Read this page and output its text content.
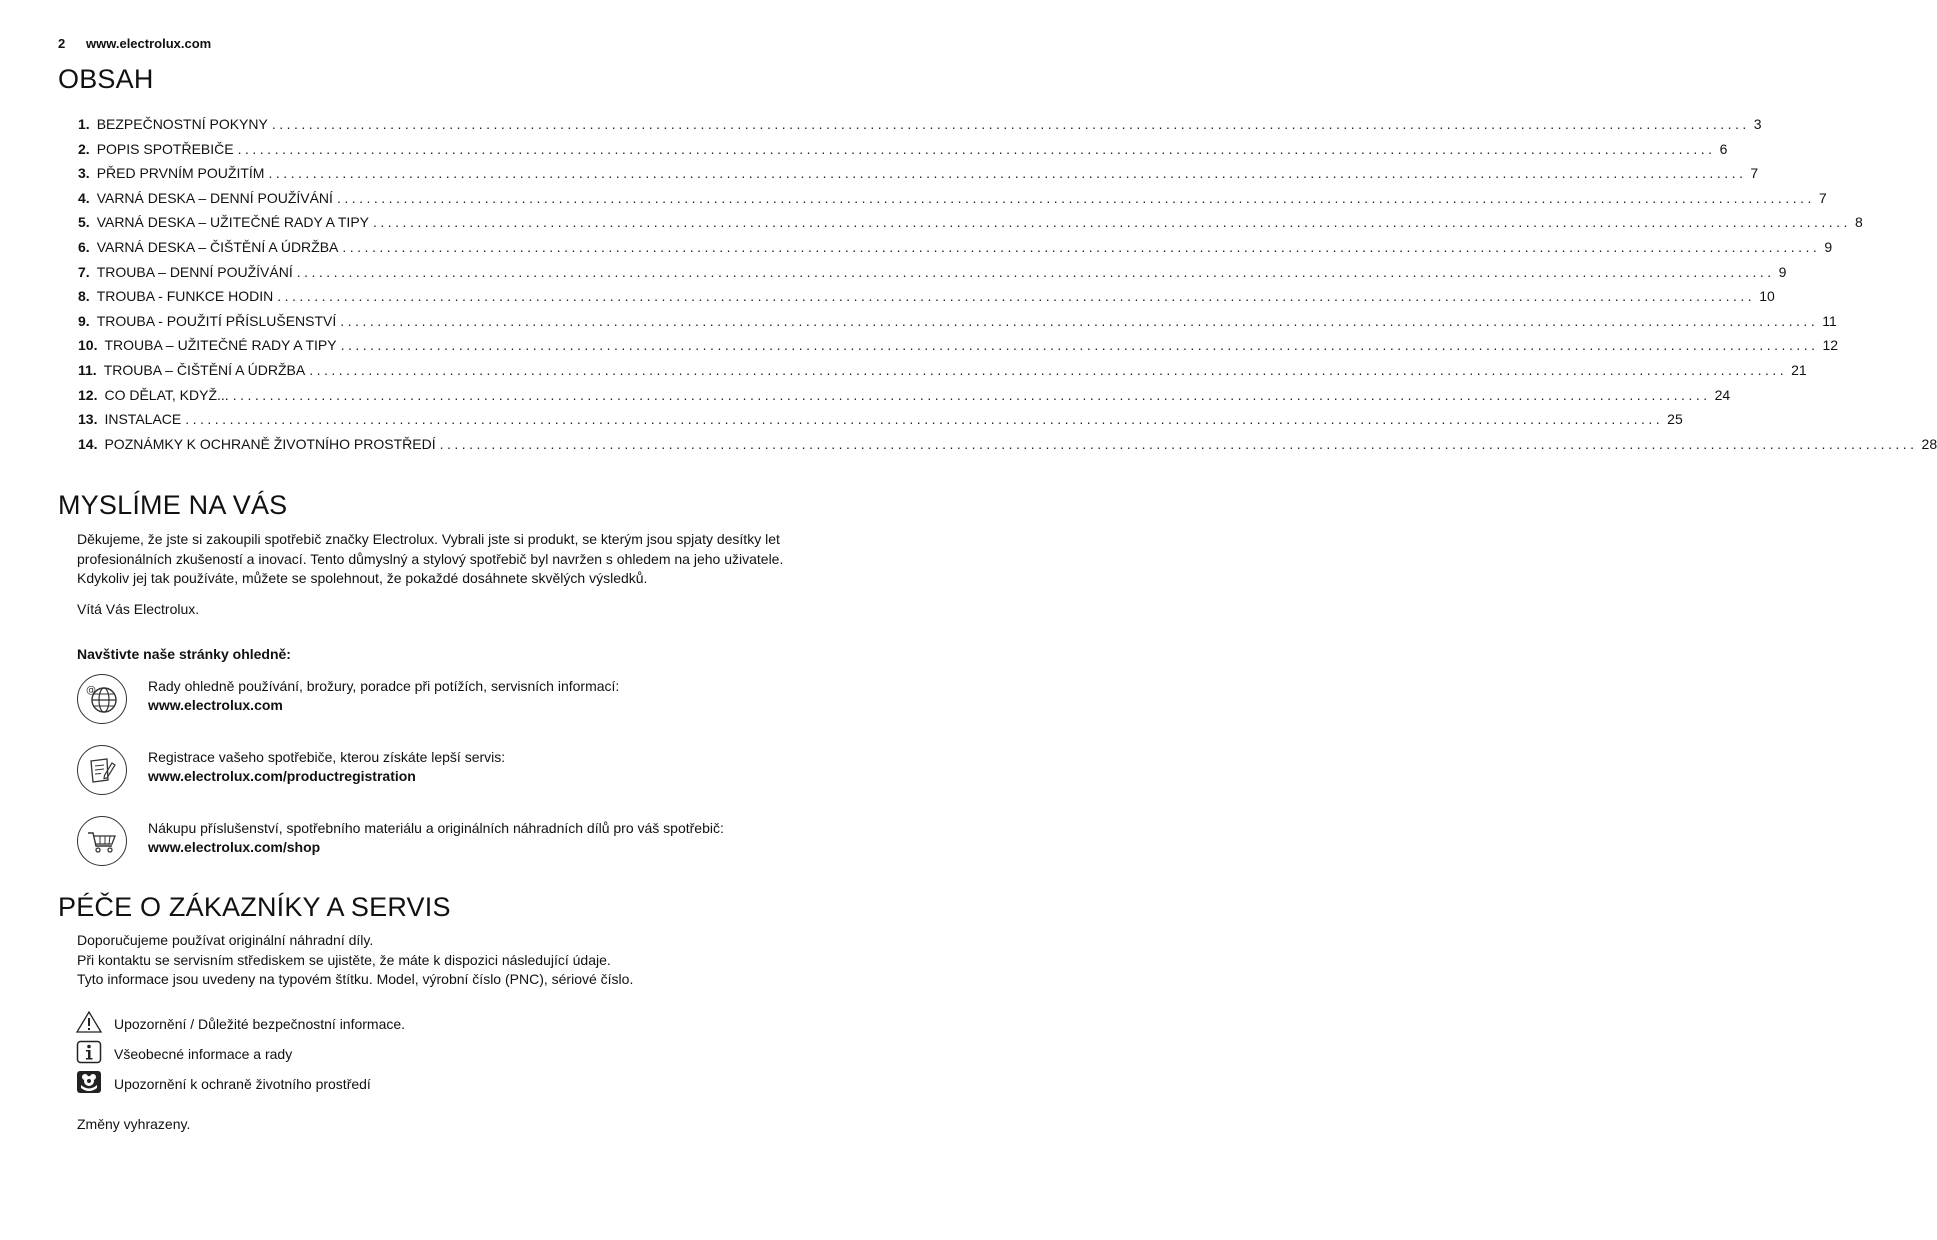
2 www.electrolux.com
OBSAH
1. BEZPEČNOSTNÍ POKYNY ........................................................................................................................................................................................................ 3
2. POPIS SPOTŘEBIČE ........................................................................................................................................................................................................ 6
3. PŘED PRVNÍM POUŽITÍM ........................................................................................................................................................................................................ 7
4. VARNÁ DESKA – DENNÍ POUŽÍVÁNÍ ........................................................................................................................................................................................................ 7
5. VARNÁ DESKA – UŽITEČNÉ RADY A TIPY ........................................................................................................................................................................................................ 8
6. VARNÁ DESKA – ČIŠTĚNÍ A ÚDRŽBA ........................................................................................................................................................................................................ 9
7. TROUBA – DENNÍ POUŽÍVÁNÍ ........................................................................................................................................................................................................ 9
8. TROUBA - FUNKCE HODIN ........................................................................................................................................................................................................ 10
9. TROUBA - POUŽITÍ PŘÍSLUŠENSTVÍ ........................................................................................................................................................................................................ 11
10. TROUBA – UŽITEČNÉ RADY A TIPY ........................................................................................................................................................................................................ 12
11. TROUBA – ČIŠTĚNÍ A ÚDRŽBA ........................................................................................................................................................................................................ 21
12. CO DĚLAT, KDYŽ... ........................................................................................................................................................................................................ 24
13. INSTALACE ........................................................................................................................................................................................................ 25
14. POZNÁMKY K OCHRANĚ ŽIVOTNÍHO PROSTŘEDÍ ........................................................................................................................................................................................................ 28
MYSLÍME NA VÁS
Děkujeme, že jste si zakoupili spotřebič značky Electrolux. Vybrali jste si produkt, se kterým jsou spjaty desítky let profesionálních zkušeností a inovací. Tento důmyslný a stylový spotřebič byl navržen s ohledem na jeho uživatele. Kdykoliv jej tak používáte, můžete se spolehnout, že pokaždé dosáhnete skvělých výsledků.
Vítá Vás Electrolux.
Navštivte naše stránky ohledně:
@	Rady ohledně používání, brožury, poradce při potížích, servisních informací:
www.electrolux.com
Registrace vašeho spotřebiče, kterou získáte lepší servis:
www.electrolux.com/productregistration
Nákupu příslušenství, spotřebního materiálu a originálních náhradních dílů pro váš spotřebič:
www.electrolux.com/shop
PÉČE O ZÁKAZNÍKY A SERVIS
Doporučujeme používat originální náhradní díly.
Při kontaktu se servisním střediskem se ujistěte, že máte k dispozici následující údaje.
Tyto informace jsou uvedeny na typovém štítku. Model, výrobní číslo (PNC), sériové číslo.
Upozornění / Důležité bezpečnostní informace.
Všeobecné informace a rady
Upozornění k ochraně životního prostředí
Změny vyhrazeny.
